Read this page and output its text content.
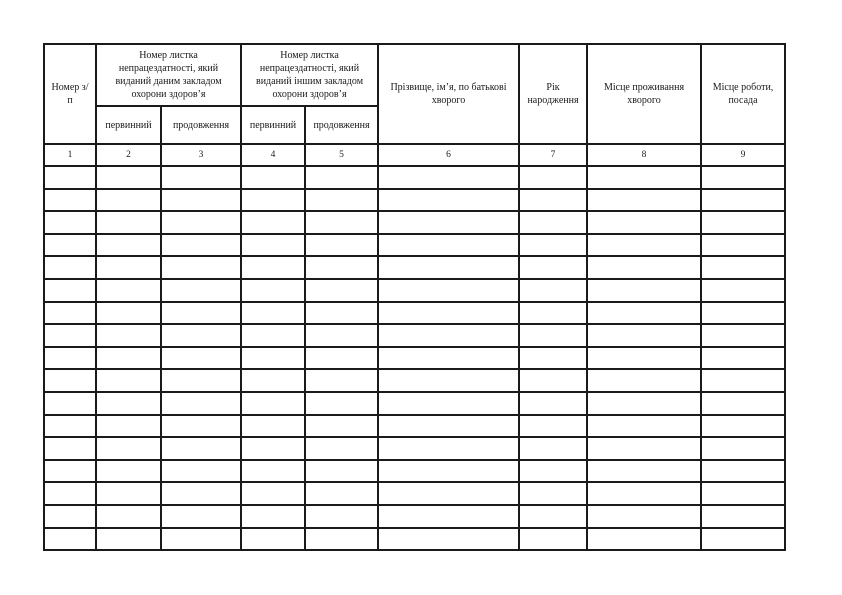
Номер з/п	Номер листка непрацездатності, який виданий даним закладом охорони здоров’я		Номер листка непрацездатності, який виданий іншим закладом охорони здоров’я		Прізвище, ім’я, по батькові хворого	Рік народження	Місце проживання хворого	Місце роботи, посада

	первинний	продовження	первинний	продовження				
1	2	3	4	5	6	7	8	9
